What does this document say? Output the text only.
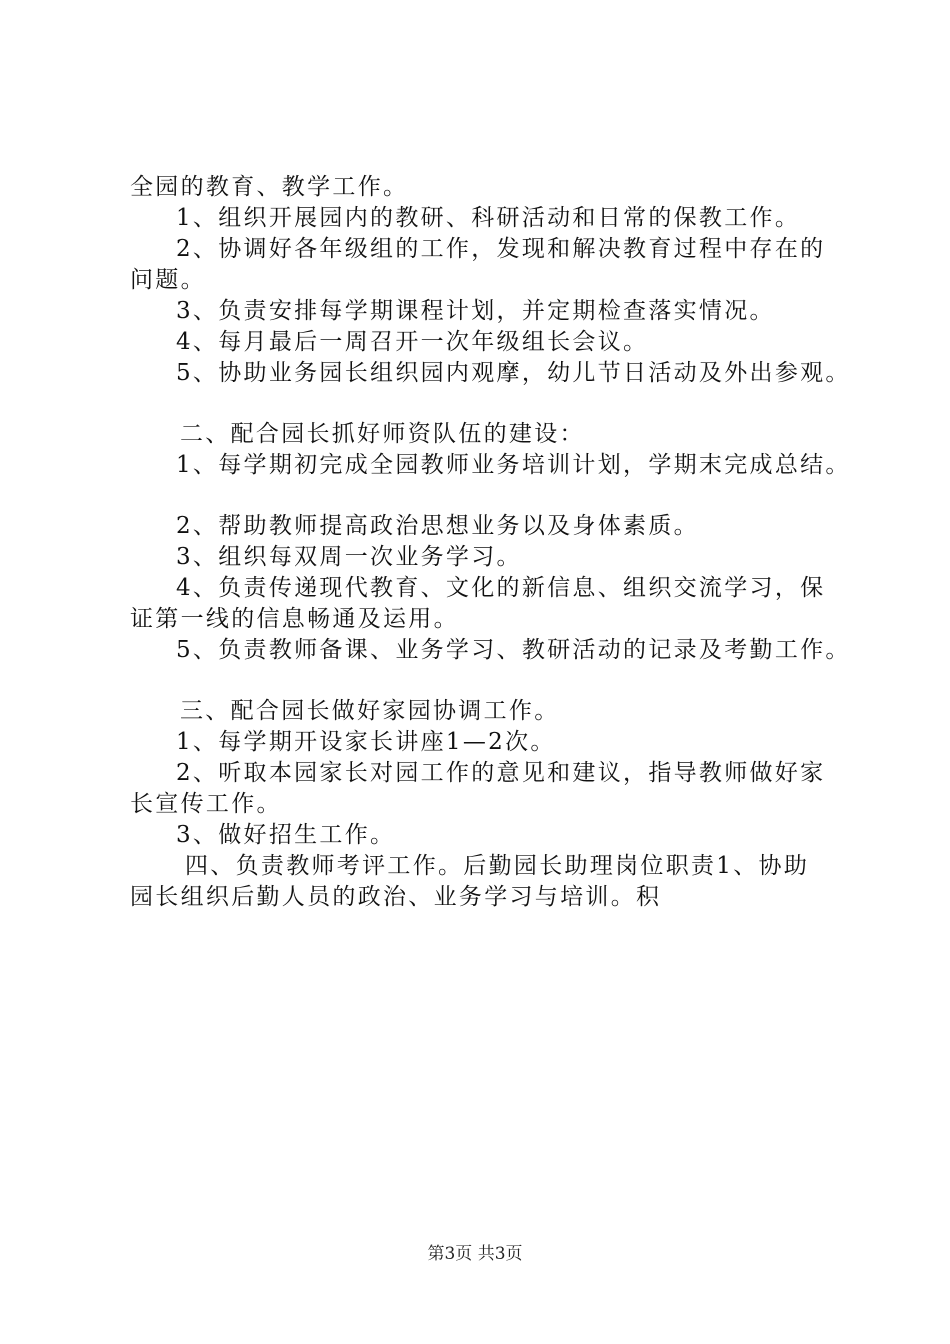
全园的教育、教学工作。
1、组织开展园内的教研、科研活动和日常的保教工作。
2、协调好各年级组的工作，发现和解决教育过程中存在的
问题。
3、负责安排每学期课程计划，并定期检查落实情况。
4、每月最后一周召开一次年级组长会议。
5、协助业务园长组织园内观摩，幼儿节日活动及外出参观。
二、配合园长抓好师资队伍的建设：
1、每学期初完成全园教师业务培训计划，学期末完成总结。
2、帮助教师提高政治思想业务以及身体素质。
3、组织每双周一次业务学习。
4、负责传递现代教育、文化的新信息、组织交流学习，保
证第一线的信息畅通及运用。
5、负责教师备课、业务学习、教研活动的记录及考勤工作。
三、配合园长做好家园协调工作。
1、每学期开设家长讲座1—2次。
2、听取本园家长对园工作的意见和建议，指导教师做好家
长宣传工作。
3、做好招生工作。
四、负责教师考评工作。后勤园长助理岗位职责1、协助
园长组织后勤人员的政治、业务学习与培训。积
第3页 共3页
